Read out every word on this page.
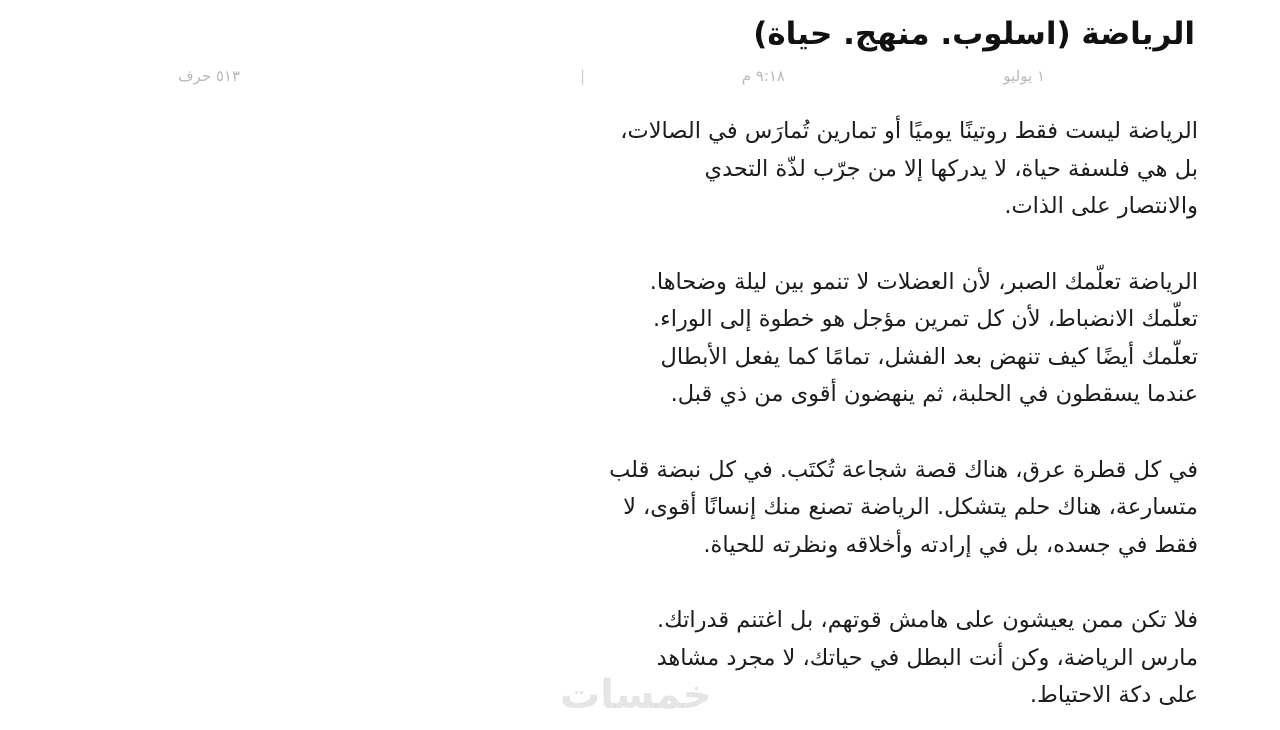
الرياضة (اسلوب. منهج. حياة)
١ يوليو
|	٩:١٨ م
٥١٣ حرف

الرياضة ليست فقط روتينًا يوميًا أو تمارين تُمارَس في الصالات،
بل هي فلسفة حياة، لا يدركها إلا من جرّب لذّة التحدي
والانتصار على الذات.

الرياضة تعلّمك الصبر، لأن العضلات لا تنمو بين ليلة وضحاها.
تعلّمك الانضباط، لأن كل تمرين مؤجل هو خطوة إلى الوراء.
تعلّمك أيضًا كيف تنهض بعد الفشل، تمامًا كما يفعل الأبطال
عندما يسقطون في الحلبة، ثم ينهضون أقوى من ذي قبل.

في كل قطرة عرق، هناك قصة شجاعة تُكتَب. في كل نبضة قلب
متسارعة، هناك حلم يتشكل. الرياضة تصنع منك إنسانًا أقوى، لا
فقط في جسده، بل في إرادته وأخلاقه ونظرته للحياة.

فلا تكن ممن يعيشون على هامش قوتهم، بل اغتنم قدراتك.
مارس الرياضة، وكن أنت البطل في حياتك، لا مجرد مشاهد
على دكة الاحتياط.

خمسات
